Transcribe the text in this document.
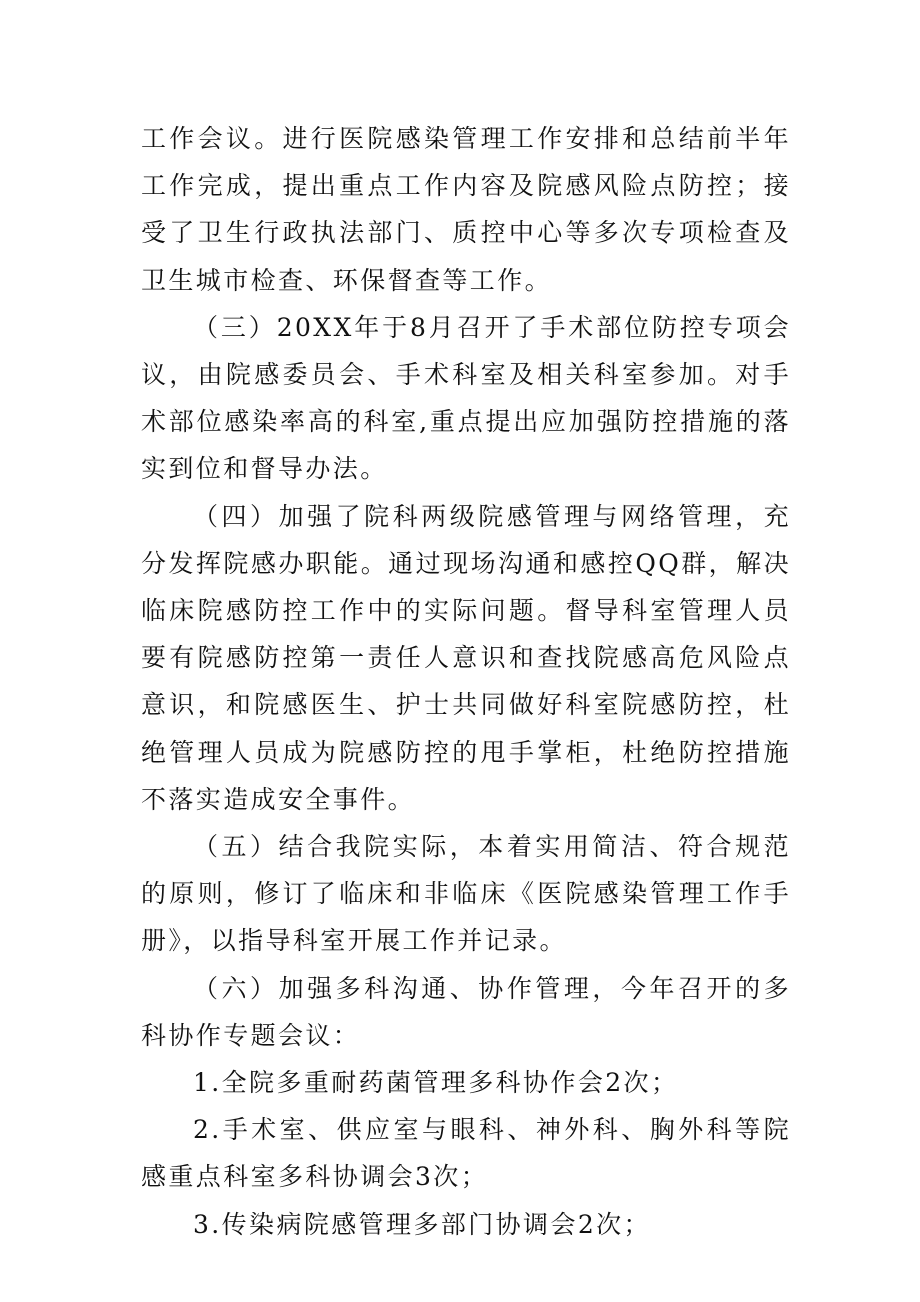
工作会议。进行医院感染管理工作安排和总结前半年工作完成，提出重点工作内容及院感风险点防控；接受了卫生行政执法部门、质控中心等多次专项检查及卫生城市检查、环保督查等工作。

（三）20XX年于8月召开了手术部位防控专项会议，由院感委员会、手术科室及相关科室参加。对手术部位感染率高的科室,重点提出应加强防控措施的落实到位和督导办法。

（四）加强了院科两级院感管理与网络管理，充分发挥院感办职能。通过现场沟通和感控QQ群，解决临床院感防控工作中的实际问题。督导科室管理人员要有院感防控第一责任人意识和查找院感高危风险点意识，和院感医生、护士共同做好科室院感防控，杜绝管理人员成为院感防控的甩手掌柜，杜绝防控措施不落实造成安全事件。

（五）结合我院实际，本着实用简洁、符合规范的原则，修订了临床和非临床《医院感染管理工作手册》，以指导科室开展工作并记录。

（六）加强多科沟通、协作管理，今年召开的多科协作专题会议：

1.全院多重耐药菌管理多科协作会2次；

2.手术室、供应室与眼科、神外科、胸外科等院感重点科室多科协调会3次；

3.传染病院感管理多部门协调会2次；
